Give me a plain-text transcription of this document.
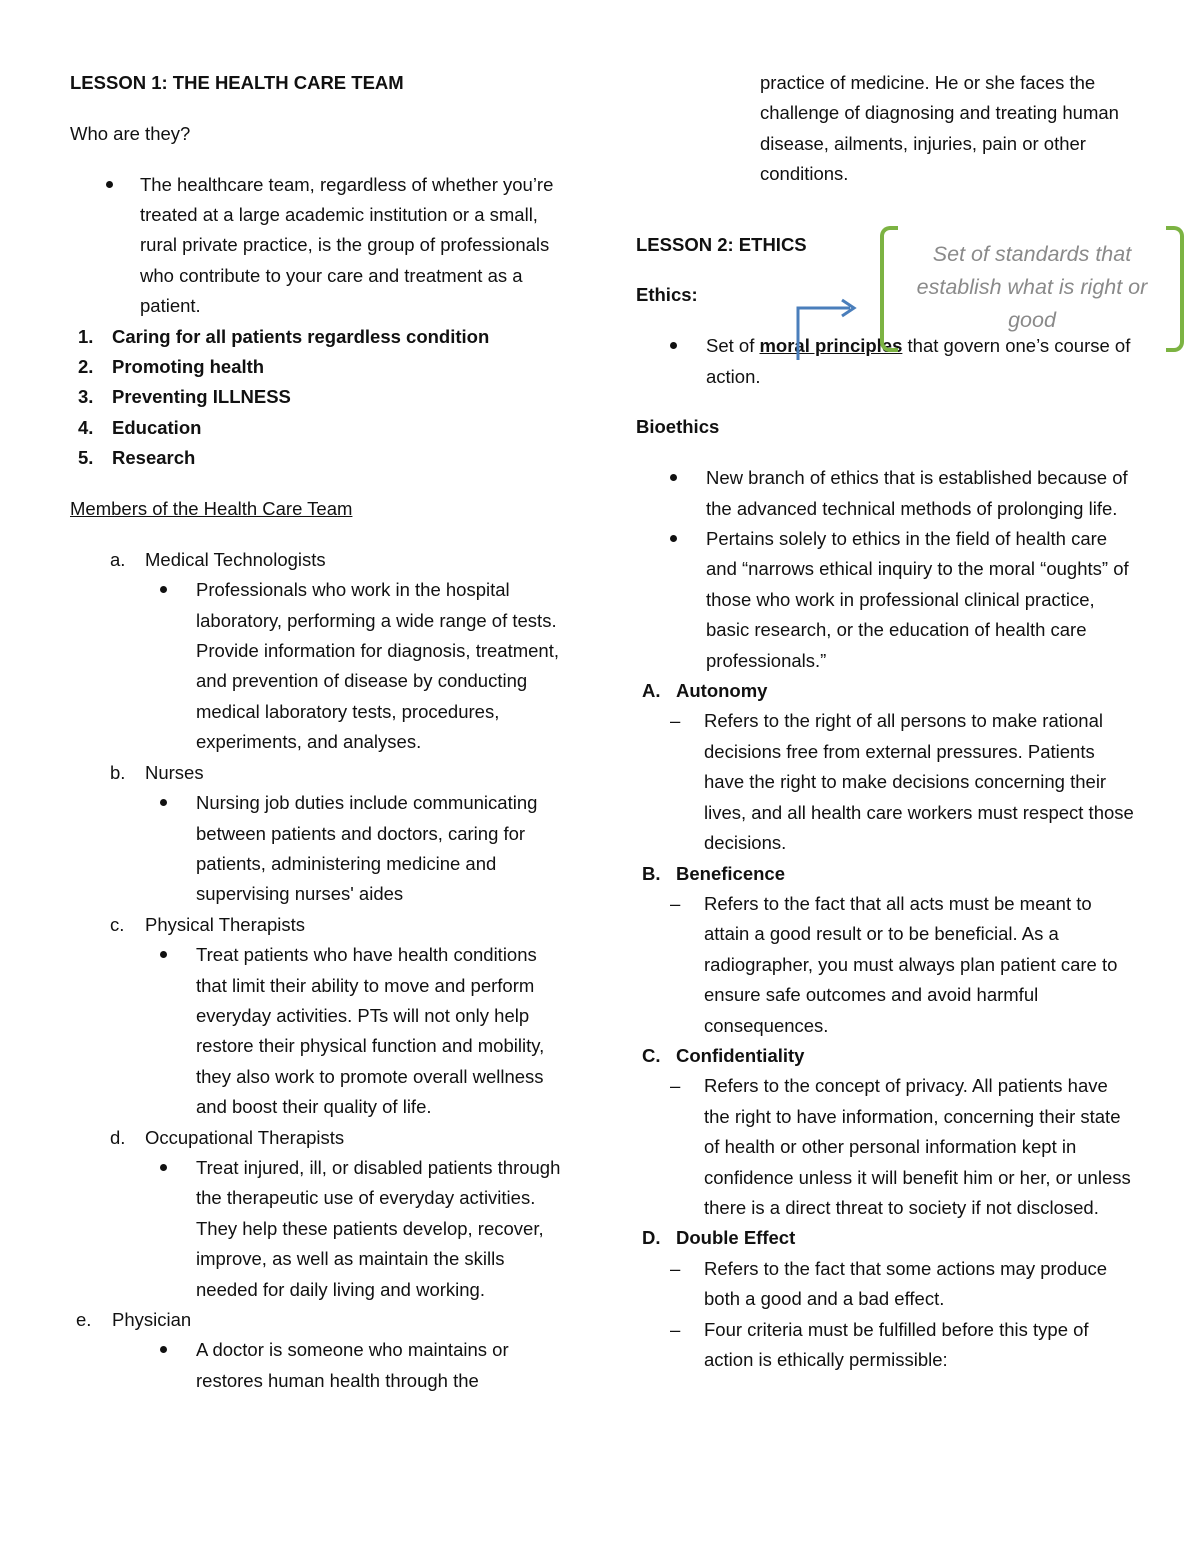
LESSON 1: THE HEALTH CARE TEAM
Who are they?
The healthcare team, regardless of whether you’re treated at a large academic institution or a small, rural private practice, is the group of professionals who contribute to your care and treatment as a patient.
1. Caring for all patients regardless condition
2. Promoting health
3. Preventing ILLNESS
4. Education
5. Research
Members of the Health Care Team
a. Medical Technologists
Professionals who work in the hospital laboratory, performing a wide range of tests. Provide information for diagnosis, treatment, and prevention of disease by conducting medical laboratory tests, procedures, experiments, and analyses.
b. Nurses
Nursing job duties include communicating between patients and doctors, caring for patients, administering medicine and supervising nurses' aides
c. Physical Therapists
Treat patients who have health conditions that limit their ability to move and perform everyday activities. PTs will not only help restore their physical function and mobility, they also work to promote overall wellness and boost their quality of life.
d. Occupational Therapists
Treat injured, ill, or disabled patients through the therapeutic use of everyday activities. They help these patients develop, recover, improve, as well as maintain the skills needed for daily living and working.
e. Physician
A doctor is someone who maintains or restores human health through the
practice of medicine. He or she faces the challenge of diagnosing and treating human disease, ailments, injuries, pain or other conditions.
LESSON 2: ETHICS
Ethics:
Set of moral principles that govern one’s course of action.
Bioethics
New branch of ethics that is established because of the advanced technical methods of prolonging life.
Pertains solely to ethics in the field of health care and “narrows ethical inquiry to the moral “oughts” of those who work in professional clinical practice, basic research, or the education of health care professionals.”
A. Autonomy
– Refers to the right of all persons to make rational decisions free from external pressures. Patients have the right to make decisions concerning their lives, and all health care workers must respect those decisions.
B. Beneficence
– Refers to the fact that all acts must be meant to attain a good result or to be beneficial. As a radiographer, you must always plan patient care to ensure safe outcomes and avoid harmful consequences.
C. Confidentiality
– Refers to the concept of privacy. All patients have the right to have information, concerning their state of health or other personal information kept in confidence unless it will benefit him or her, or unless there is a direct threat to society if not disclosed.
D. Double Effect
– Refers to the fact that some actions may produce both a good and a bad effect.
– Four criteria must be fulfilled before this type of action is ethically permissible:
Set of standards that establish what is right or good
